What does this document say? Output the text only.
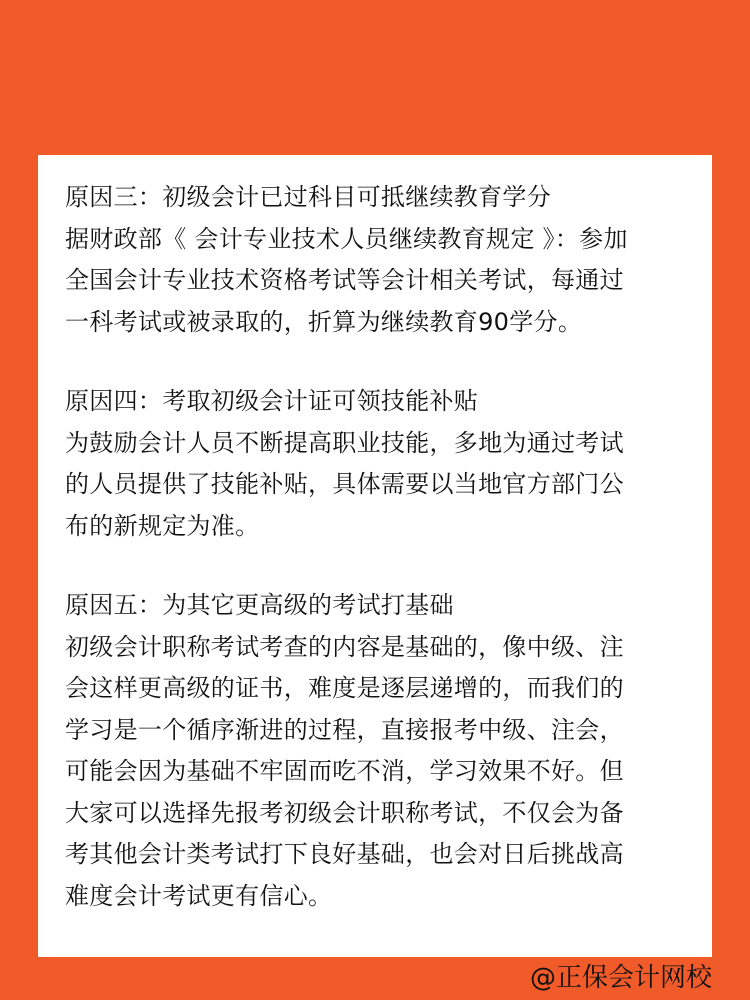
原因三：初级会计已过科目可抵继续教育学分
据财政部《 会计专业技术人员继续教育规定 》：参加
全国会计专业技术资格考试等会计相关考试，每通过
一科考试或被录取的，折算为继续教育90学分。
原因四：考取初级会计证可领技能补贴
为鼓励会计人员不断提高职业技能，多地为通过考试
的人员提供了技能补贴，具体需要以当地官方部门公
布的新规定为准。
原因五：为其它更高级的考试打基础
初级会计职称考试考查的内容是基础的，像中级、注
会这样更高级的证书，难度是逐层递增的，而我们的
学习是一个循序渐进的过程，直接报考中级、注会，
可能会因为基础不牢固而吃不消，学习效果不好。但
大家可以选择先报考初级会计职称考试，不仅会为备
考其他会计类考试打下良好基础，也会对日后挑战高
难度会计考试更有信心。
@正保会计网校
